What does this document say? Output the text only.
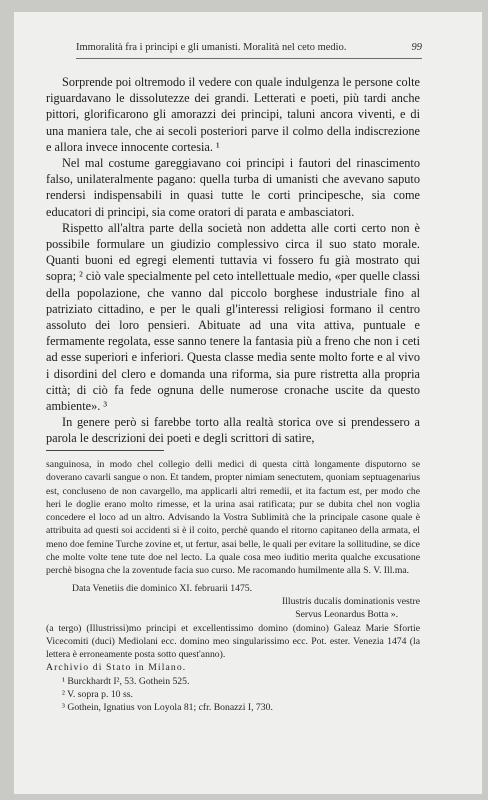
Immoralità fra i principi e gli umanisti. Moralità nel ceto medio.	99

Sorprende poi oltremodo il vedere con quale indulgenza le persone colte riguardavano le dissolutezze dei grandi. Letterati e poeti, più tardi anche pittori, glorificarono gli amorazzi dei principi, taluni ancora viventi, e di una maniera tale, che ai secoli posteriori parve il colmo della indiscrezione e allora invece innocente cortesia. ¹

Nel mal costume gareggiavano coi principi i fautori del rinascimento falso, unilateralmente pagano: quella turba di umanisti che avevano saputo rendersi indispensabili in quasi tutte le corti principesche, sia come educatori di principi, sia come oratori di parata e ambasciatori.

Rispetto all'altra parte della società non addetta alle corti certo non è possibile formulare un giudizio complessivo circa il suo stato morale. Quanti buoni ed egregi elementi tuttavia vi fossero fu già mostrato qui sopra; ² ciò vale specialmente pel ceto intellettuale medio, «per quelle classi della popolazione, che vanno dal piccolo borghese industriale fino al patriziato cittadino, e per le quali gl'interessi religiosi formano il centro assoluto dei loro pensieri. Abituate ad una vita attiva, puntuale e fermamente regolata, esse sanno tenere la fantasia più a freno che non i ceti ad esse superiori e inferiori. Questa classe media sente molto forte e al vivo i disordini del clero e domanda una riforma, sia pure ristretta alla propria città; di ciò fa fede ognuna delle numerose cronache uscite da questo ambiente». ³

In genere però si farebbe torto alla realtà storica ove si prendessero a parola le descrizioni dei poeti e degli scrittori di satire,

sanguinosa, in modo chel collegio delli medici di questa città longamente disputorno se doverano cavarli sangue o non. Et tandem, propter nimiam senectutem, quoniam septuagenarius est, concluseno de non cavargello, ma applicarli altri remedii, et ita factum est, per modo che heri le doglie erano molto rimesse, et la urina asai ratificata; pur se dubita chel non voglia concedere el loco ad un altro. Advisando la Vostra Sublimità che la principale casone quale è attribuita ad questi soi accidenti si è il coito, perchè quando el ritorno capitaneo della armata, el meno doe femine Turche zovine et, ut fertur, asai belle, le quali per evitare la sollitudine, se dice che molte volte tene tute doe nel lecto. La quale cosa meo iuditio merita qualche excusatione perchè bisogna che la zoventude facia suo curso. Me racomando humilmente alla S. V. Ill.ma.

Data Venetiis die dominico XI. februarii 1475.

Illustris ducalis dominationis vestre

Servus Leonardus Botta ».

(a tergo) (Illustrissi)mo principi et excellentissimo domino (domino) Galeaz Marie Sfortie Vicecomiti (duci) Mediolani ecc. domino meo singularissimo ecc. Pot. ester. Venezia 1474 (la lettera è erroneamente posta sotto quest'anno).

Archivio di Stato in Milano.

¹ Burckhardt I², 53. Gothein 525.

² V. sopra p. 10 ss.

³ Gothein, Ignatius von Loyola 81; cfr. Bonazzi I, 730.
